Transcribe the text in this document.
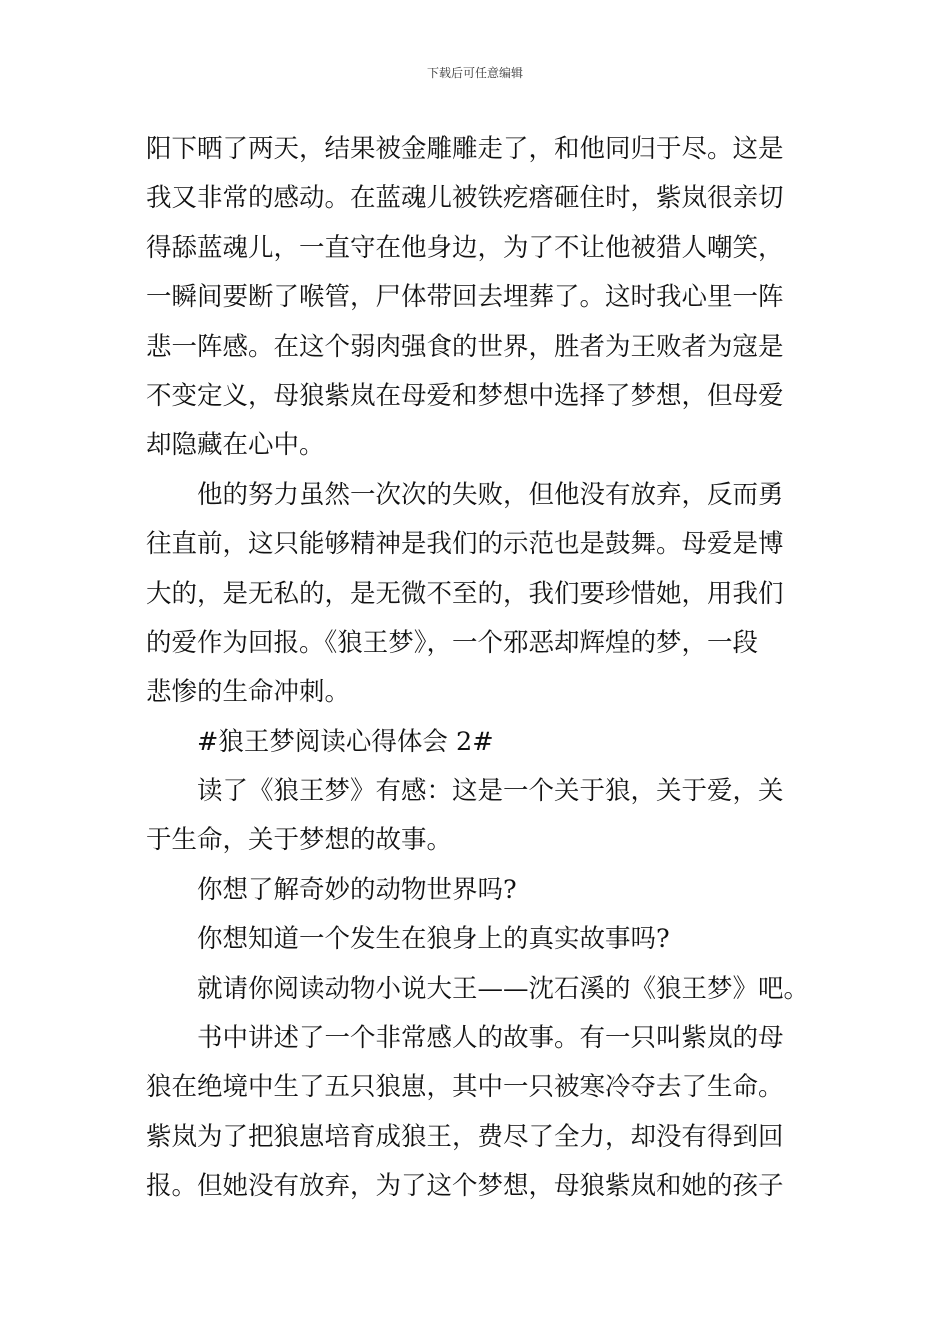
下载后可任意编辑
阳下晒了两天，结果被金雕雕走了，和他同归于尽。这是
我又非常的感动。在蓝魂儿被铁疙瘩砸住时，紫岚很亲切
得舔蓝魂儿，一直守在他身边，为了不让他被猎人嘲笑，
一瞬间要断了喉管，尸体带回去埋葬了。这时我心里一阵
悲一阵感。在这个弱肉强食的世界，胜者为王败者为寇是
不变定义，母狼紫岚在母爱和梦想中选择了梦想，但母爱
却隐藏在心中。
他的努力虽然一次次的失败，但他没有放弃，反而勇
往直前，这只能够精神是我们的示范也是鼓舞。母爱是博
大的，是无私的，是无微不至的，我们要珍惜她，用我们
的爱作为回报。《狼王梦》，一个邪恶却辉煌的梦，一段
悲惨的生命冲刺。
#狼王梦阅读心得体会 2#
读了《狼王梦》有感：这是一个关于狼，关于爱，关
于生命，关于梦想的故事。
你想了解奇妙的动物世界吗?
你想知道一个发生在狼身上的真实故事吗?
就请你阅读动物小说大王——沈石溪的《狼王梦》吧。
书中讲述了一个非常感人的故事。有一只叫紫岚的母
狼在绝境中生了五只狼崽，其中一只被寒冷夺去了生命。
紫岚为了把狼崽培育成狼王，费尽了全力，却没有得到回
报。但她没有放弃，为了这个梦想，母狼紫岚和她的孩子
